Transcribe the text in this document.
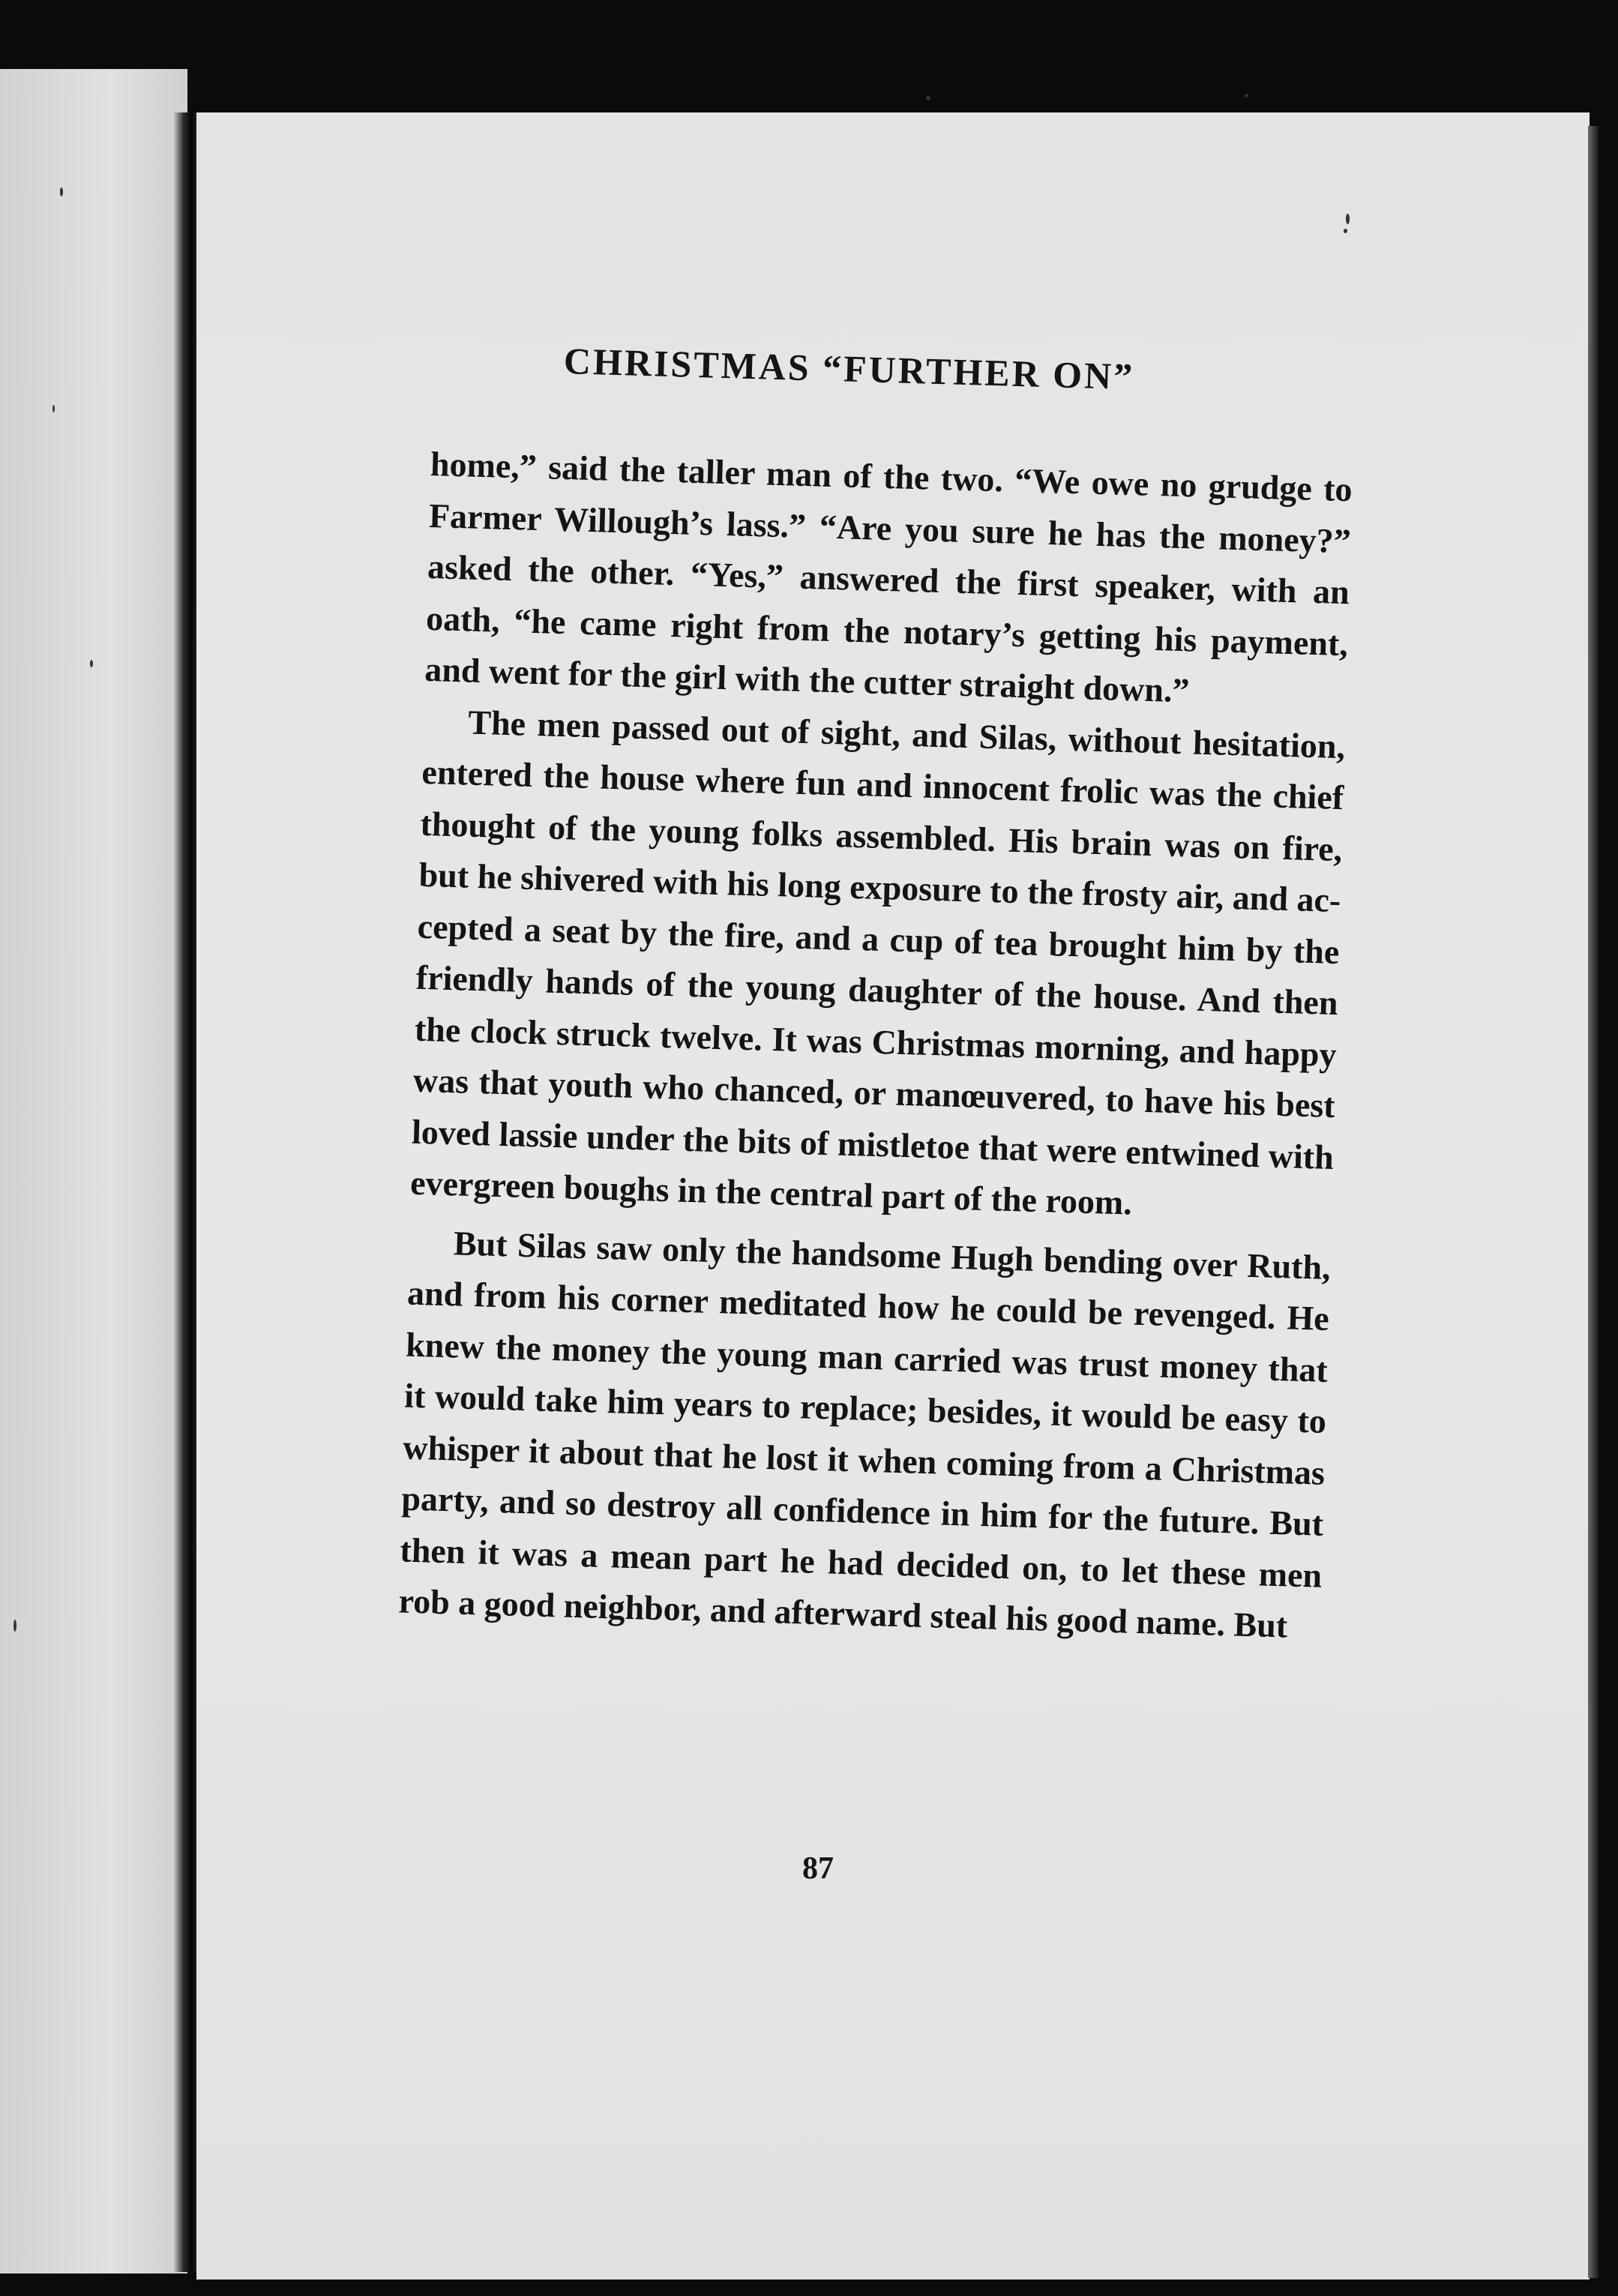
CHRISTMAS “FURTHER ON”

home,” said the taller man of the two. “We owe no grudge to Farmer Willough’s lass.” “Are you sure he has the money?” asked the other. “Yes,” answered the first speaker, with an oath, “he came right from the notary’s getting his payment, and went for the girl with the cutter straight down.”

The men passed out of sight, and Silas, without hesitation, entered the house where fun and innocent frolic was the chief thought of the young folks assembled. His brain was on fire, but he shivered with his long exposure to the frosty air, and accepted a seat by the fire, and a cup of tea brought him by the friendly hands of the young daughter of the house. And then the clock struck twelve. It was Christmas morning, and happy was that youth who chanced, or manœuvered, to have his best loved lassie under the bits of mistletoe that were entwined with evergreen boughs in the central part of the room.

But Silas saw only the handsome Hugh bending over Ruth, and from his corner meditated how he could be revenged. He knew the money the young man carried was trust money that it would take him years to replace; besides, it would be easy to whisper it about that he lost it when coming from a Christmas party, and so destroy all confidence in him for the future. But then it was a mean part he had decided on, to let these men rob a good neighbor, and afterward steal his good name. But

87
